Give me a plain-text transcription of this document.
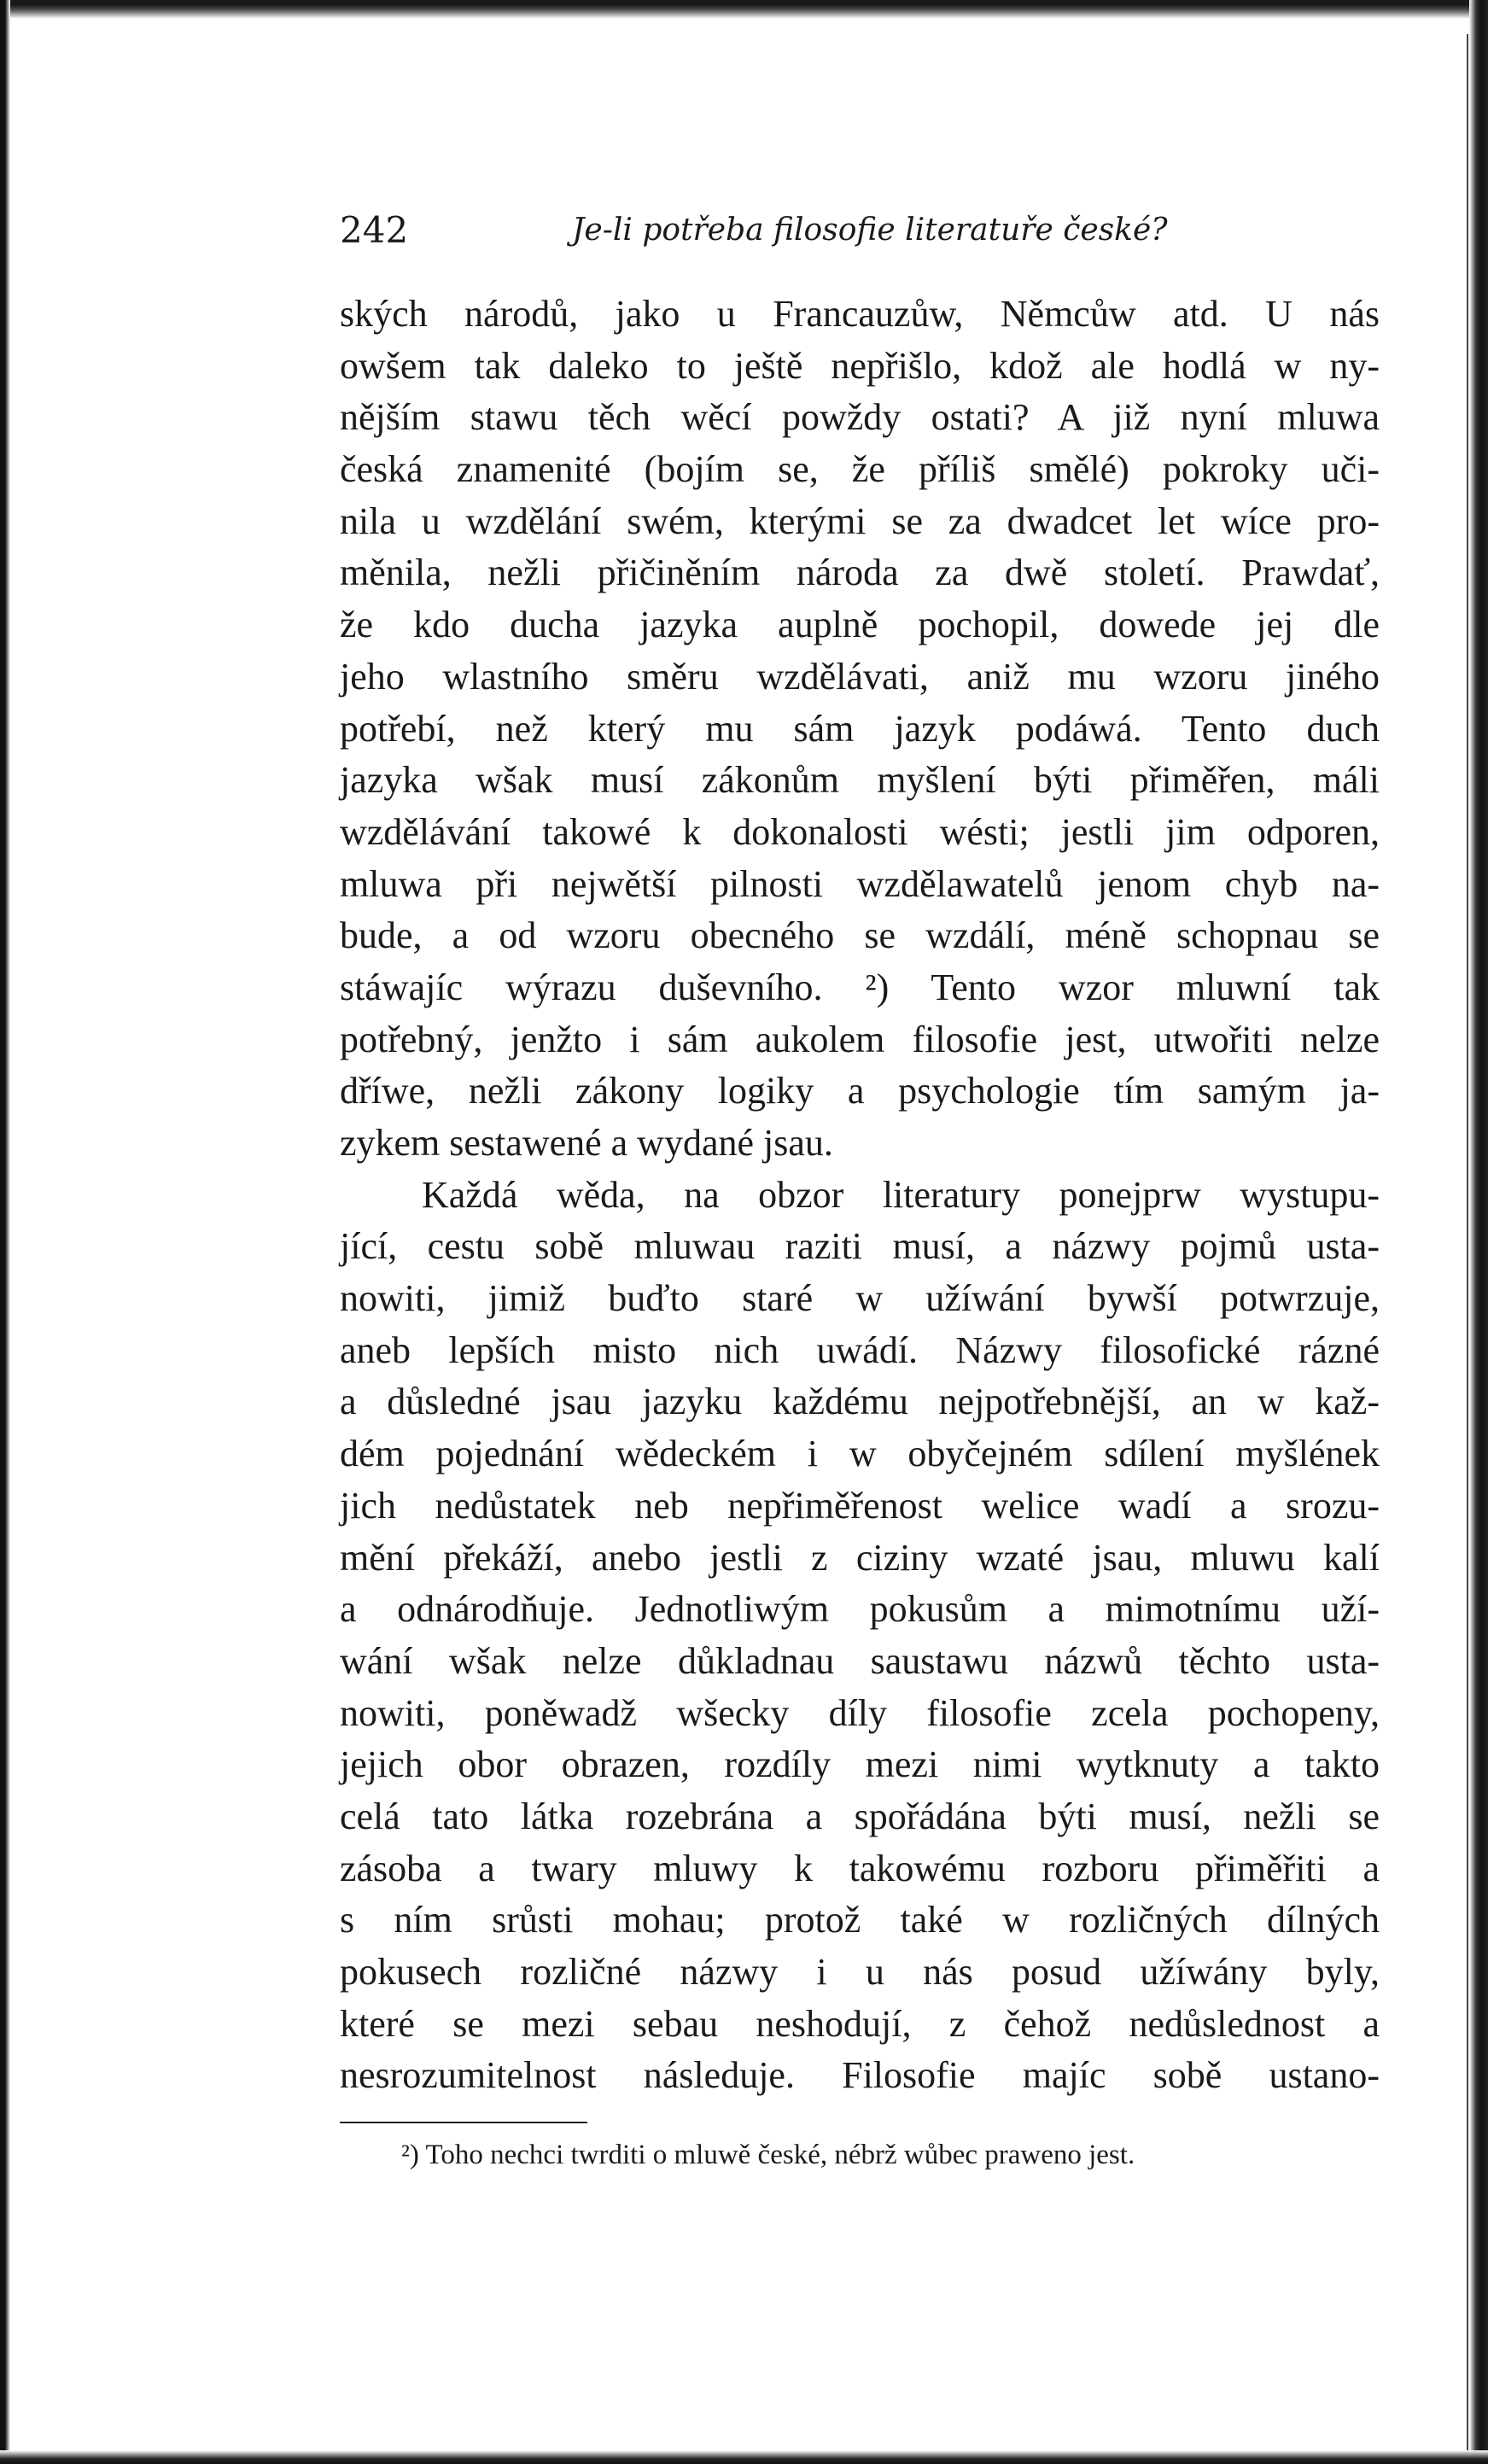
242	Je-li potřeba filosofie literatuře české?
ských národů, jako u Francauzůw, Němcůw atd. U nás
owšem tak daleko to ještě nepřišlo, kdož ale hodlá w ny-
nějším stawu těch wěcí powždy ostati? A již nyní mluwa
česká znamenité (bojím se, že příliš smělé) pokroky uči-
nila u wzdělání swém, kterými se za dwadcet let wíce pro-
měnila, nežli přičiněním národa za dwě století. Prawdať,
že kdo ducha jazyka auplně pochopil, dowede jej dle
jeho wlastního směru wzdělávati, aniž mu wzoru jiného
potřebí, než který mu sám jazyk podáwá. Tento duch
jazyka wšak musí zákonům myšlení býti přiměřen, máli
wzdělávání takowé k dokonalosti wésti; jestli jim odporen,
mluwa při nejwětší pilnosti wzdělawatelů jenom chyb na-
bude, a od wzoru obecného se wzdálí, méně schopnau se
stáwajíc wýrazu duševního. ²) Tento wzor mluwní tak
potřebný, jenžto i sám aukolem filosofie jest, utwořiti nelze
dříwe, nežli zákony logiky a psychologie tím samým ja-
zykem sestawené a wydané jsau.
Každá wěda, na obzor literatury ponejprw wystupu-
jící, cestu sobě mluwau raziti musí, a názwy pojmů usta-
nowiti, jimiž buďto staré w užíwání bywší potwrzuje,
aneb lepších misto nich uwádí. Názwy filosofické rázné
a důsledné jsau jazyku každému nejpotřebnější, an w kaž-
dém pojednání wědeckém i w obyčejném sdílení myšlének
jich nedůstatek neb nepřiměřenost welice wadí a srozu-
mění překáží, anebo jestli z ciziny wzaté jsau, mluwu kalí
a odnárodňuje. Jednotliwým pokusům a mimotnímu uží-
wání wšak nelze důkladnau saustawu názwů těchto usta-
nowiti, poněwadž wšecky díly filosofie zcela pochopeny,
jejich obor obrazen, rozdíly mezi nimi wytknuty a takto
celá tato látka rozebrána a spořádána býti musí, nežli se
zásoba a twary mluwy k takowému rozboru přiměřiti a
s ním srůsti mohau; protož také w rozličných dílných
pokusech rozličné názwy i u nás posud užíwány byly,
které se mezi sebau neshodují, z čehož nedůslednost a
nesrozumitelnost následuje. Filosofie majíc sobě ustano-
²) Toho nechci twrditi o mluwě české, nébrž wůbec praweno jest.
